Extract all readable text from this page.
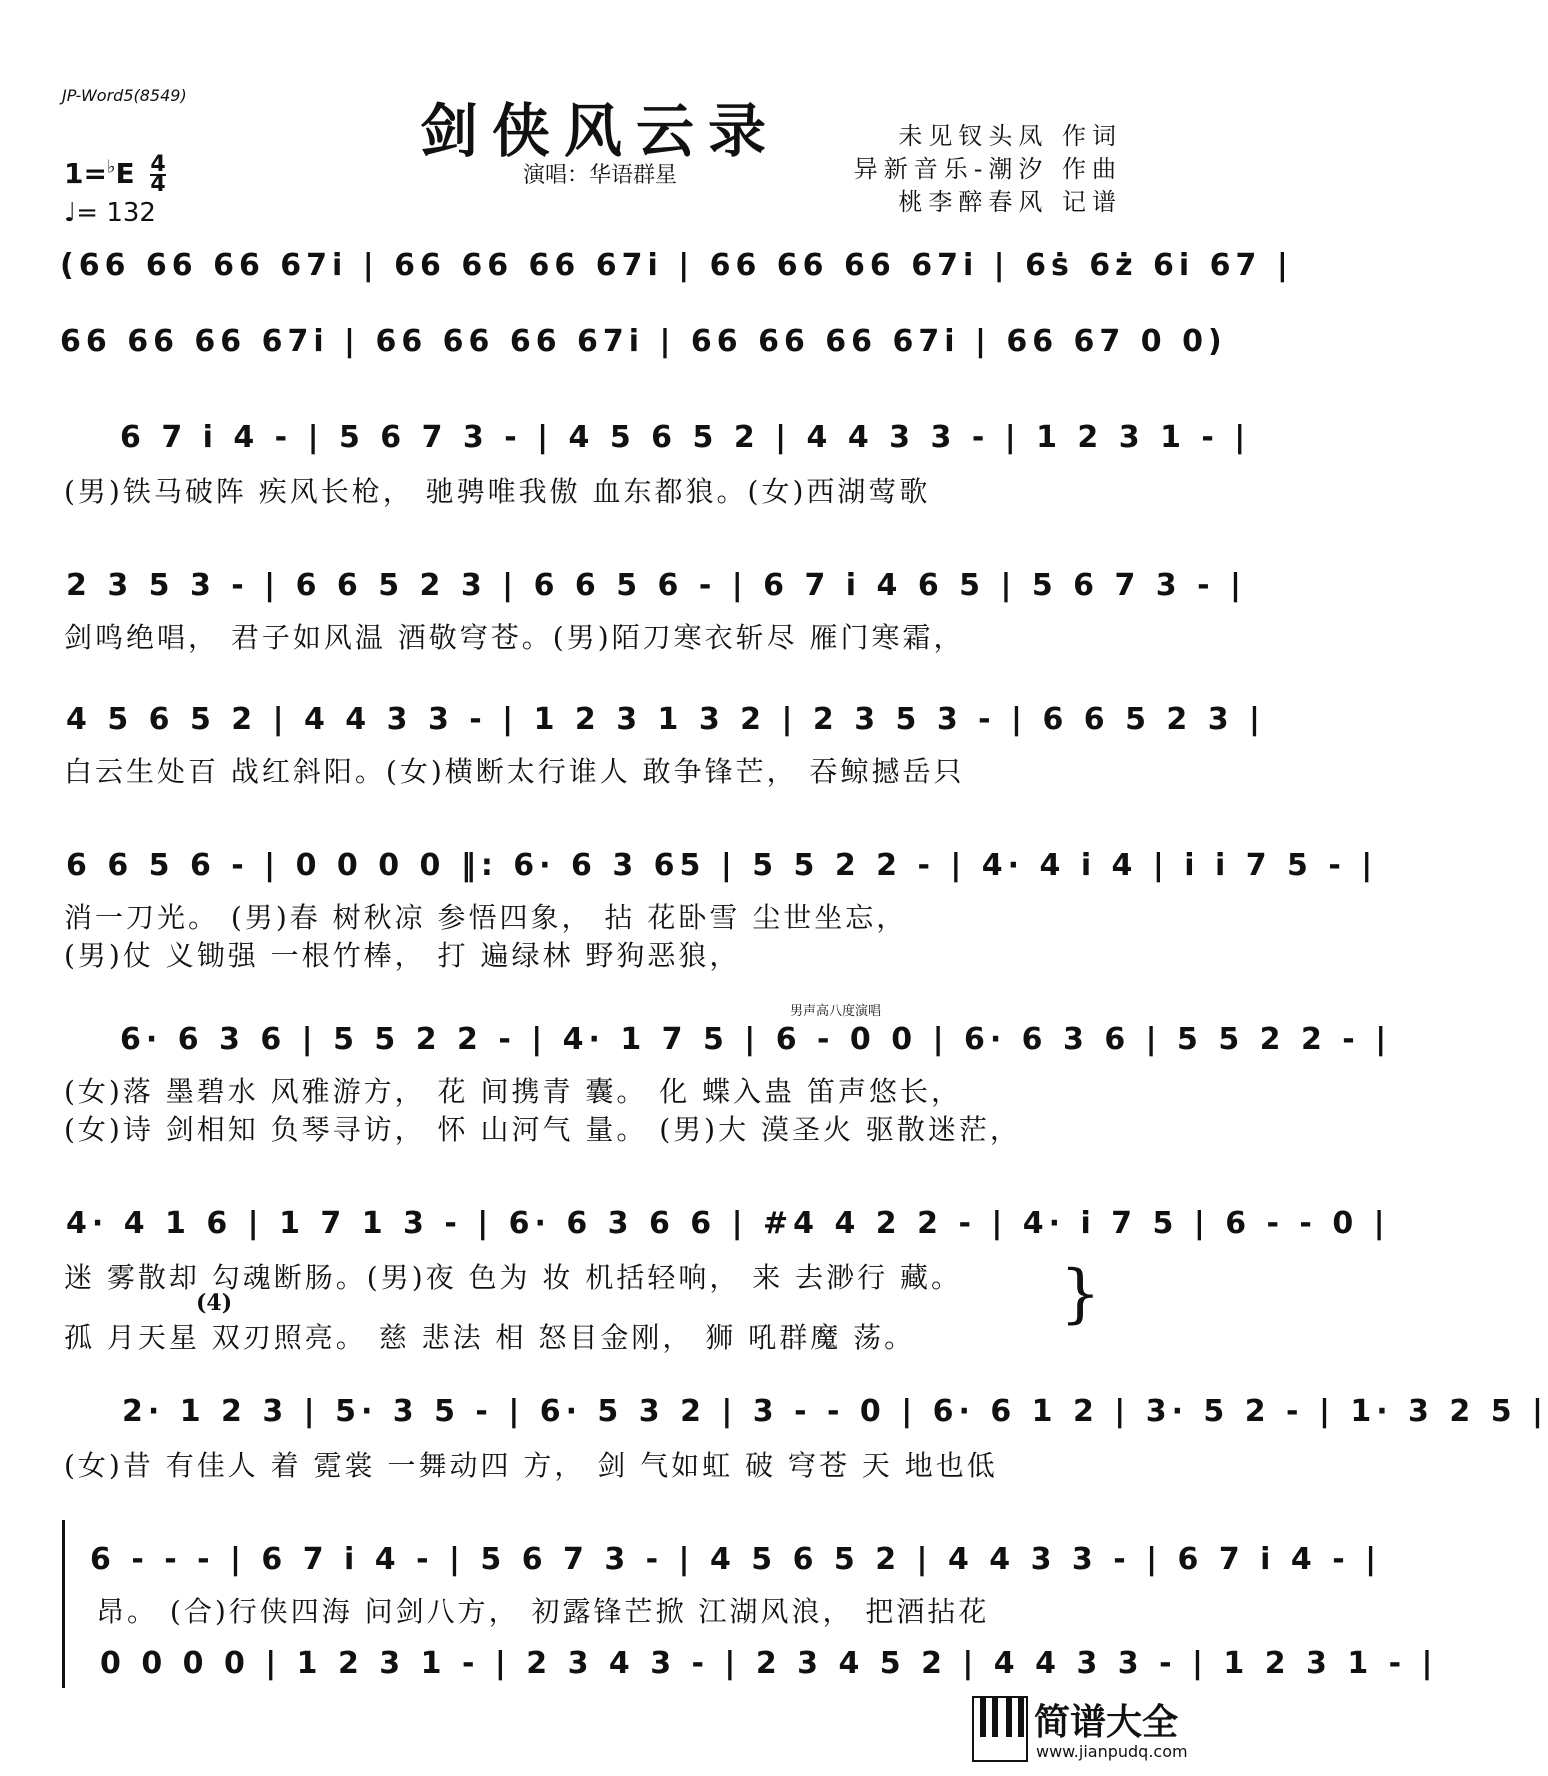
JP-Word5(8549)
剑侠风云录
演唱：华语群星
未见钗头凤 作词
异新音乐-潮汐 作曲
桃李醉春风 记谱
$1=^♭E \frac{4}{4}$
♩= 132
(66 66 66 67i | 66 66 66 67i | 66 66 66 67i | 6ṡ 6ż 6i 67 |
66 66 66 67i | 66 66 66 67i | 66 66 66 67i | 66 67 0 0)
6 7 i 4 - | 5 6 7 3 - | 4 5 6 5 2 | 4 4 3 3 - | 1 2 3 1 - |
(男)铁马破阵 疾风长枪， 驰骋唯我傲 血东都狼。(女)西湖莺歌
2 3 5 3 - | 6 6 5 2 3 | 6 6 5 6 - | 6 7 i 4 6 5 | 5 6 7 3 - |
剑鸣绝唱， 君子如风温 酒敬穹苍。(男)陌刀寒衣斩尽 雁门寒霜，
4 5 6 5 2 | 4 4 3 3 - | 1 2 3 1 3 2 | 2 3 5 3 - | 6 6 5 2 3 |
白云生处百 战红斜阳。(女)横断太行谁人 敢争锋芒， 吞鲸撼岳只
6 6 5 6 - | 0 0 0 0 ‖: 6· 6 3 65 | 5 5 2 2 - | 4· 4 i 4 | i i 7 5 - |
消一刀光。 (男)春 树秋凉 参悟四象， 拈 花卧雪 尘世坐忘，
(男)仗 义锄强 一根竹棒， 打 遍绿林 野狗恶狼，
男声高八度演唱
6· 6 3 6 | 5 5 2 2 - | 4· 1 7 5 | 6 - 0 0 | 6· 6 3 6 | 5 5 2 2 - |
(女)落 墨碧水 风雅游方， 花 间携青 囊。 化 蝶入蛊 笛声悠长，
(女)诗 剑相知 负琴寻访， 怀 山河气 量。 (男)大 漠圣火 驱散迷茫，
4· 4 1 6 | 1 7 1 3 - | 6· 6 3 6 6 | #4 4 2 2 - | 4· i 7 5 | 6 - - 0 |
迷 雾散却 勾魂断肠。(男)夜 色为 妆 机括轻响， 来 去渺行 藏。
(4)
孤 月天星 双刃照亮。 慈 悲法 相 怒目金刚， 狮 吼群魔 荡。
}
2· 1 2 3 | 5· 3 5 - | 6· 5 3 2 | 3 - - 0 | 6· 6 1 2 | 3· 5 2 - | 1· 3 2 5 |
(女)昔 有佳人 着 霓裳 一舞动四 方， 剑 气如虹 破 穹苍 天 地也低
6 - - - | 6 7 i 4 - | 5 6 7 3 - | 4 5 6 5 2 | 4 4 3 3 - | 6 7 i 4 - |
昂。 (合)行侠四海 问剑八方， 初露锋芒掀 江湖风浪， 把酒拈花
0 0 0 0 | 1 2 3 1 - | 2 3 4 3 - | 2 3 4 5 2 | 4 4 3 3 - | 1 2 3 1 - |
简谱大全
www.jianpudq.com
